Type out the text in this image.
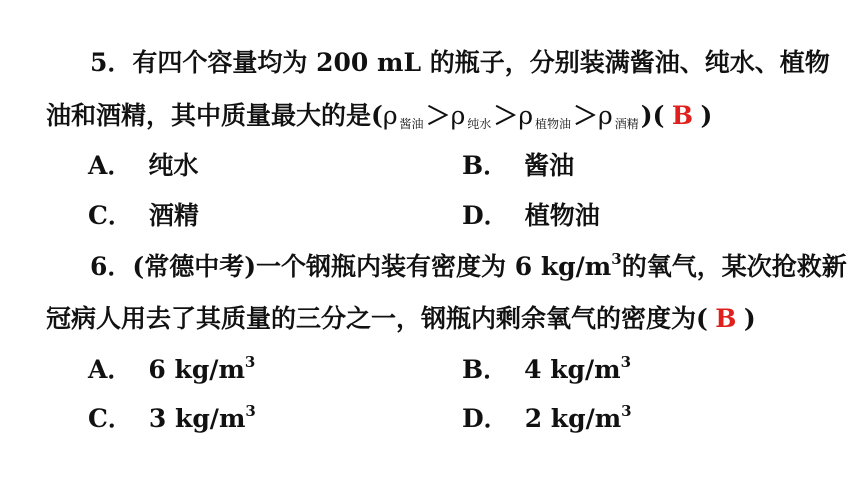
5．有四个容量均为 200 mL 的瓶子，分别装满酱油、纯水、植物
油和酒精，其中质量最大的是(ρ $_{酱油}$＞ρ $_{纯水}$＞ρ $_{植物油}$＞ρ $_{酒精}$)( B )
A． 纯水	B． 酱油
C． 酒精	D． 植物油
6．(常德中考)一个钢瓶内装有密度为 6 $kg/m^3$的氧气，某次抢救新
冠病人用去了其质量的三分之一，钢瓶内剩余氧气的密度为( B )
A． 6 $kg/m^3$	B． 4 $kg/m^3$
C． 3 $kg/m^3$	D． 2 $kg/m^3$
